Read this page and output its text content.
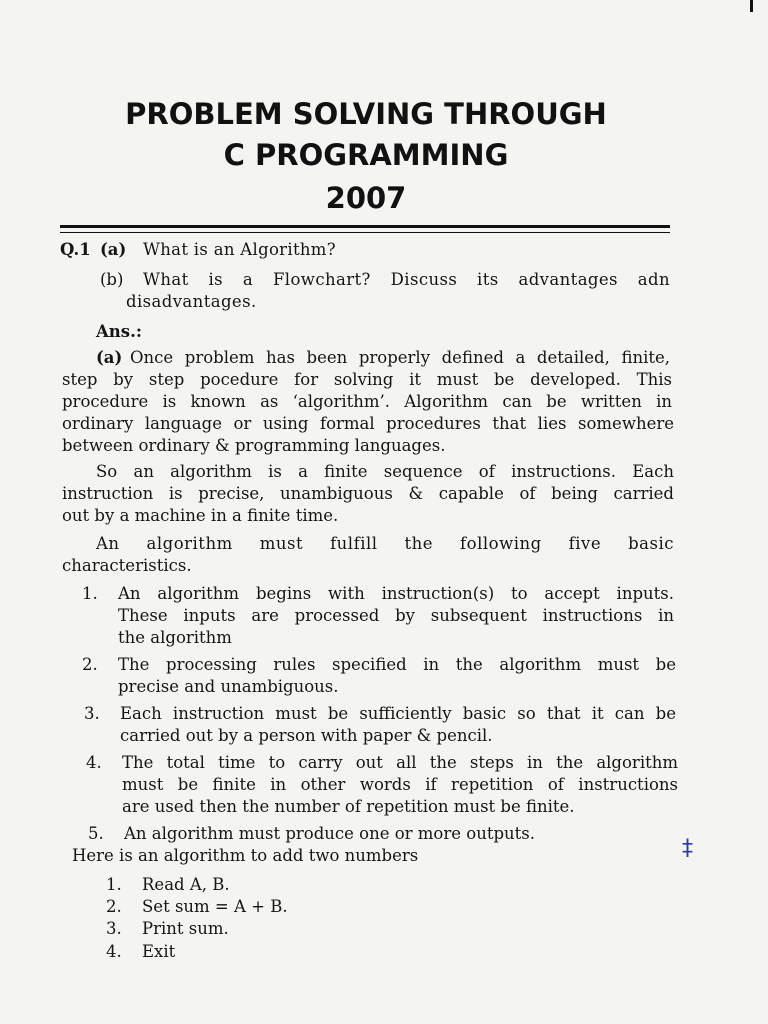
PROBLEM SOLVING THROUGH
C PROGRAMMING
2007
Q.1 (a) What is an Algorithm?
(b) What is a Flowchart? Discuss its advantages adn
disadvantages.
Ans.:
(a) Once problem has been properly defined a detailed, finite,
step by step pocedure for solving it must be developed. This
procedure is known as ‘algorithm’. Algorithm can be written in
ordinary language or using formal procedures that lies somewhere
between ordinary & programming languages.
So an algorithm is a finite sequence of instructions. Each
instruction is precise, unambiguous & capable of being carried
out by a machine in a finite time.
An algorithm must fulfill the following five basic
characteristics.
1. An algorithm begins with instruction(s) to accept inputs.
These inputs are processed by subsequent instructions in
the algorithm
2. The processing rules specified in the algorithm must be
precise and unambiguous.
3. Each instruction must be sufficiently basic so that it can be
carried out by a person with paper & pencil.
4. The total time to carry out all the steps in the algorithm
must be finite in other words if repetition of instructions
are used then the number of repetition must be finite.
5. An algorithm must produce one or more outputs.
Here is an algorithm to add two numbers
1. Read A, B.
2. Set sum = A + B.
3. Print sum.
4. Exit
‡
